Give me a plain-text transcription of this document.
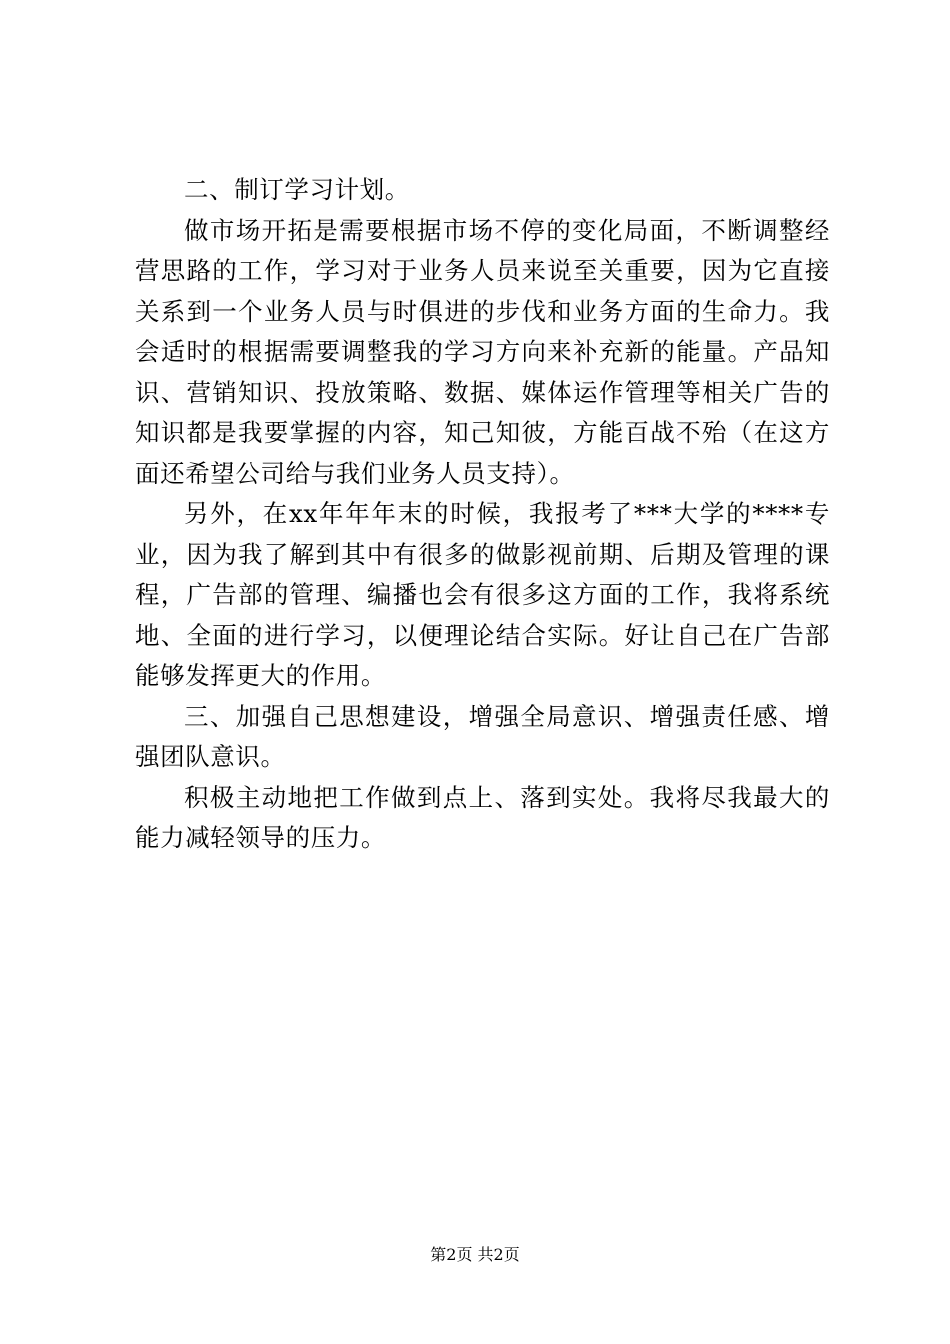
二、制订学习计划。

做市场开拓是需要根据市场不停的变化局面，不断调整经营思路的工作，学习对于业务人员来说至关重要，因为它直接关系到一个业务人员与时俱进的步伐和业务方面的生命力。我会适时的根据需要调整我的学习方向来补充新的能量。产品知识、营销知识、投放策略、数据、媒体运作管理等相关广告的知识都是我要掌握的内容，知己知彼，方能百战不殆（在这方面还希望公司给与我们业务人员支持）。

另外，在xx年年年末的时候，我报考了***大学的****专业，因为我了解到其中有很多的做影视前期、后期及管理的课程，广告部的管理、编播也会有很多这方面的工作，我将系统地、全面的进行学习，以便理论结合实际。好让自己在广告部能够发挥更大的作用。

三、加强自己思想建设，增强全局意识、增强责任感、增强团队意识。

积极主动地把工作做到点上、落到实处。我将尽我最大的能力减轻领导的压力。

第2页 共2页
